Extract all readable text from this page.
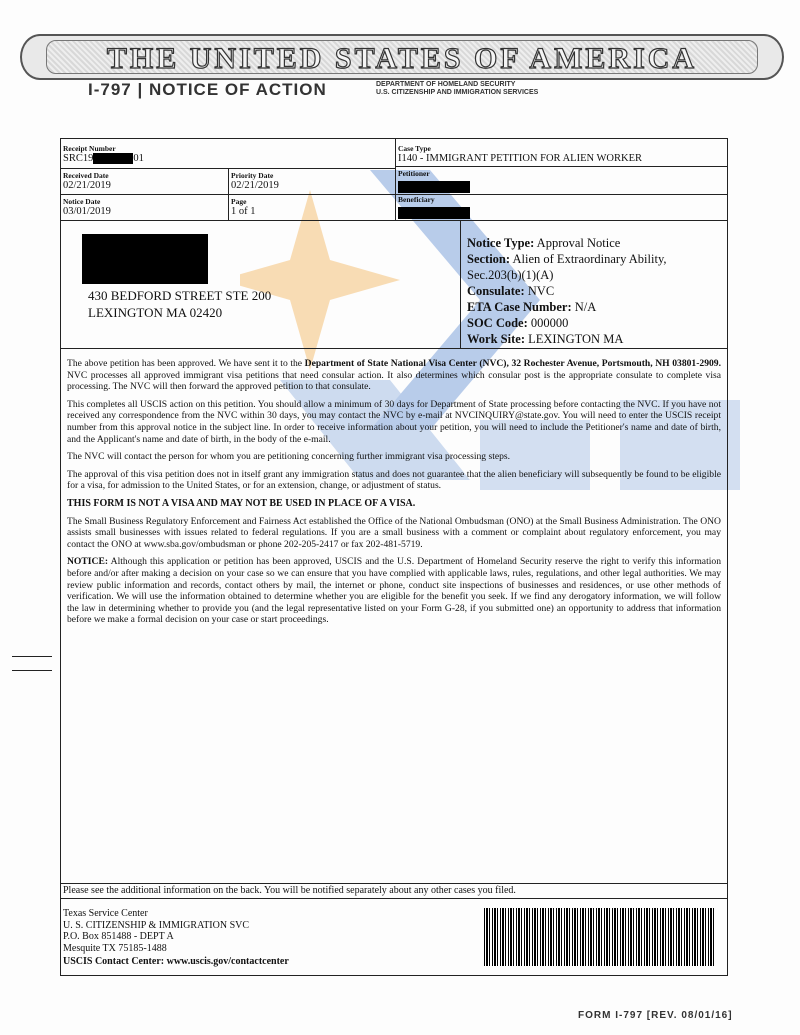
THE UNITED STATES OF AMERICA
I-797 | NOTICE OF ACTION	DEPARTMENT OF HOMELAND SECURITY
U.S. CITIZENSHIP AND IMMIGRATION SERVICES
Receipt Number
SRC19	01
Case Type
I140 - IMMIGRANT PETITION FOR ALIEN WORKER
Received Date
02/21/2019
Priority Date
02/21/2019
Petitioner
Notice Date
03/01/2019
Page
1 of 1
Beneficiary
430 BEDFORD STREET STE 200
LEXINGTON MA 02420
Notice Type: Approval Notice
Section: Alien of Extraordinary Ability,
Sec.203(b)(1)(A)
Consulate: NVC
ETA Case Number: N/A
SOC Code: 000000
Work Site: LEXINGTON MA

The above petition has been approved. We have sent it to the Department of State National Visa Center (NVC), 32 Rochester Avenue, Portsmouth, NH 03801-2909. NVC processes all approved immigrant visa petitions that need consular action. It also determines which consular post is the appropriate consulate to complete visa processing. The NVC will then forward the approved petition to that consulate.

This completes all USCIS action on this petition. You should allow a minimum of 30 days for Department of State processing before contacting the NVC. If you have not received any correspondence from the NVC within 30 days, you may contact the NVC by e-mail at NVCINQUIRY@state.gov. You will need to enter the USCIS receipt number from this approval notice in the subject line. In order to receive information about your petition, you will need to include the Petitioner's name and date of birth, and the Applicant's name and date of birth, in the body of the e-mail.

The NVC will contact the person for whom you are petitioning concerning further immigrant visa processing steps.

The approval of this visa petition does not in itself grant any immigration status and does not guarantee that the alien beneficiary will subsequently be found to be eligible for a visa, for admission to the United States, or for an extension, change, or adjustment of status.

THIS FORM IS NOT A VISA AND MAY NOT BE USED IN PLACE OF A VISA.

The Small Business Regulatory Enforcement and Fairness Act established the Office of the National Ombudsman (ONO) at the Small Business Administration. The ONO assists small businesses with issues related to federal regulations. If you are a small business with a comment or complaint about regulatory enforcement, you may contact the ONO at www.sba.gov/ombudsman or phone 202-205-2417 or fax 202-481-5719.

NOTICE: Although this application or petition has been approved, USCIS and the U.S. Department of Homeland Security reserve the right to verify this information before and/or after making a decision on your case so we can ensure that you have complied with applicable laws, rules, regulations, and other legal authorities. We may review public information and records, contact others by mail, the internet or phone, conduct site inspections of businesses and residences, or use other methods of verification. We will use the information obtained to determine whether you are eligible for the benefit you seek. If we find any derogatory information, we will follow the law in determining whether to provide you (and the legal representative listed on your Form G-28, if you submitted one) an opportunity to address that information before we make a formal decision on your case or start proceedings.

Please see the additional information on the back. You will be notified separately about any other cases you filed.
Texas Service Center
U. S. CITIZENSHIP & IMMIGRATION SVC
P.O. Box 851488 - DEPT A
Mesquite TX 75185-1488
USCIS Contact Center: www.uscis.gov/contactcenter
FORM I-797 [REV. 08/01/16]
